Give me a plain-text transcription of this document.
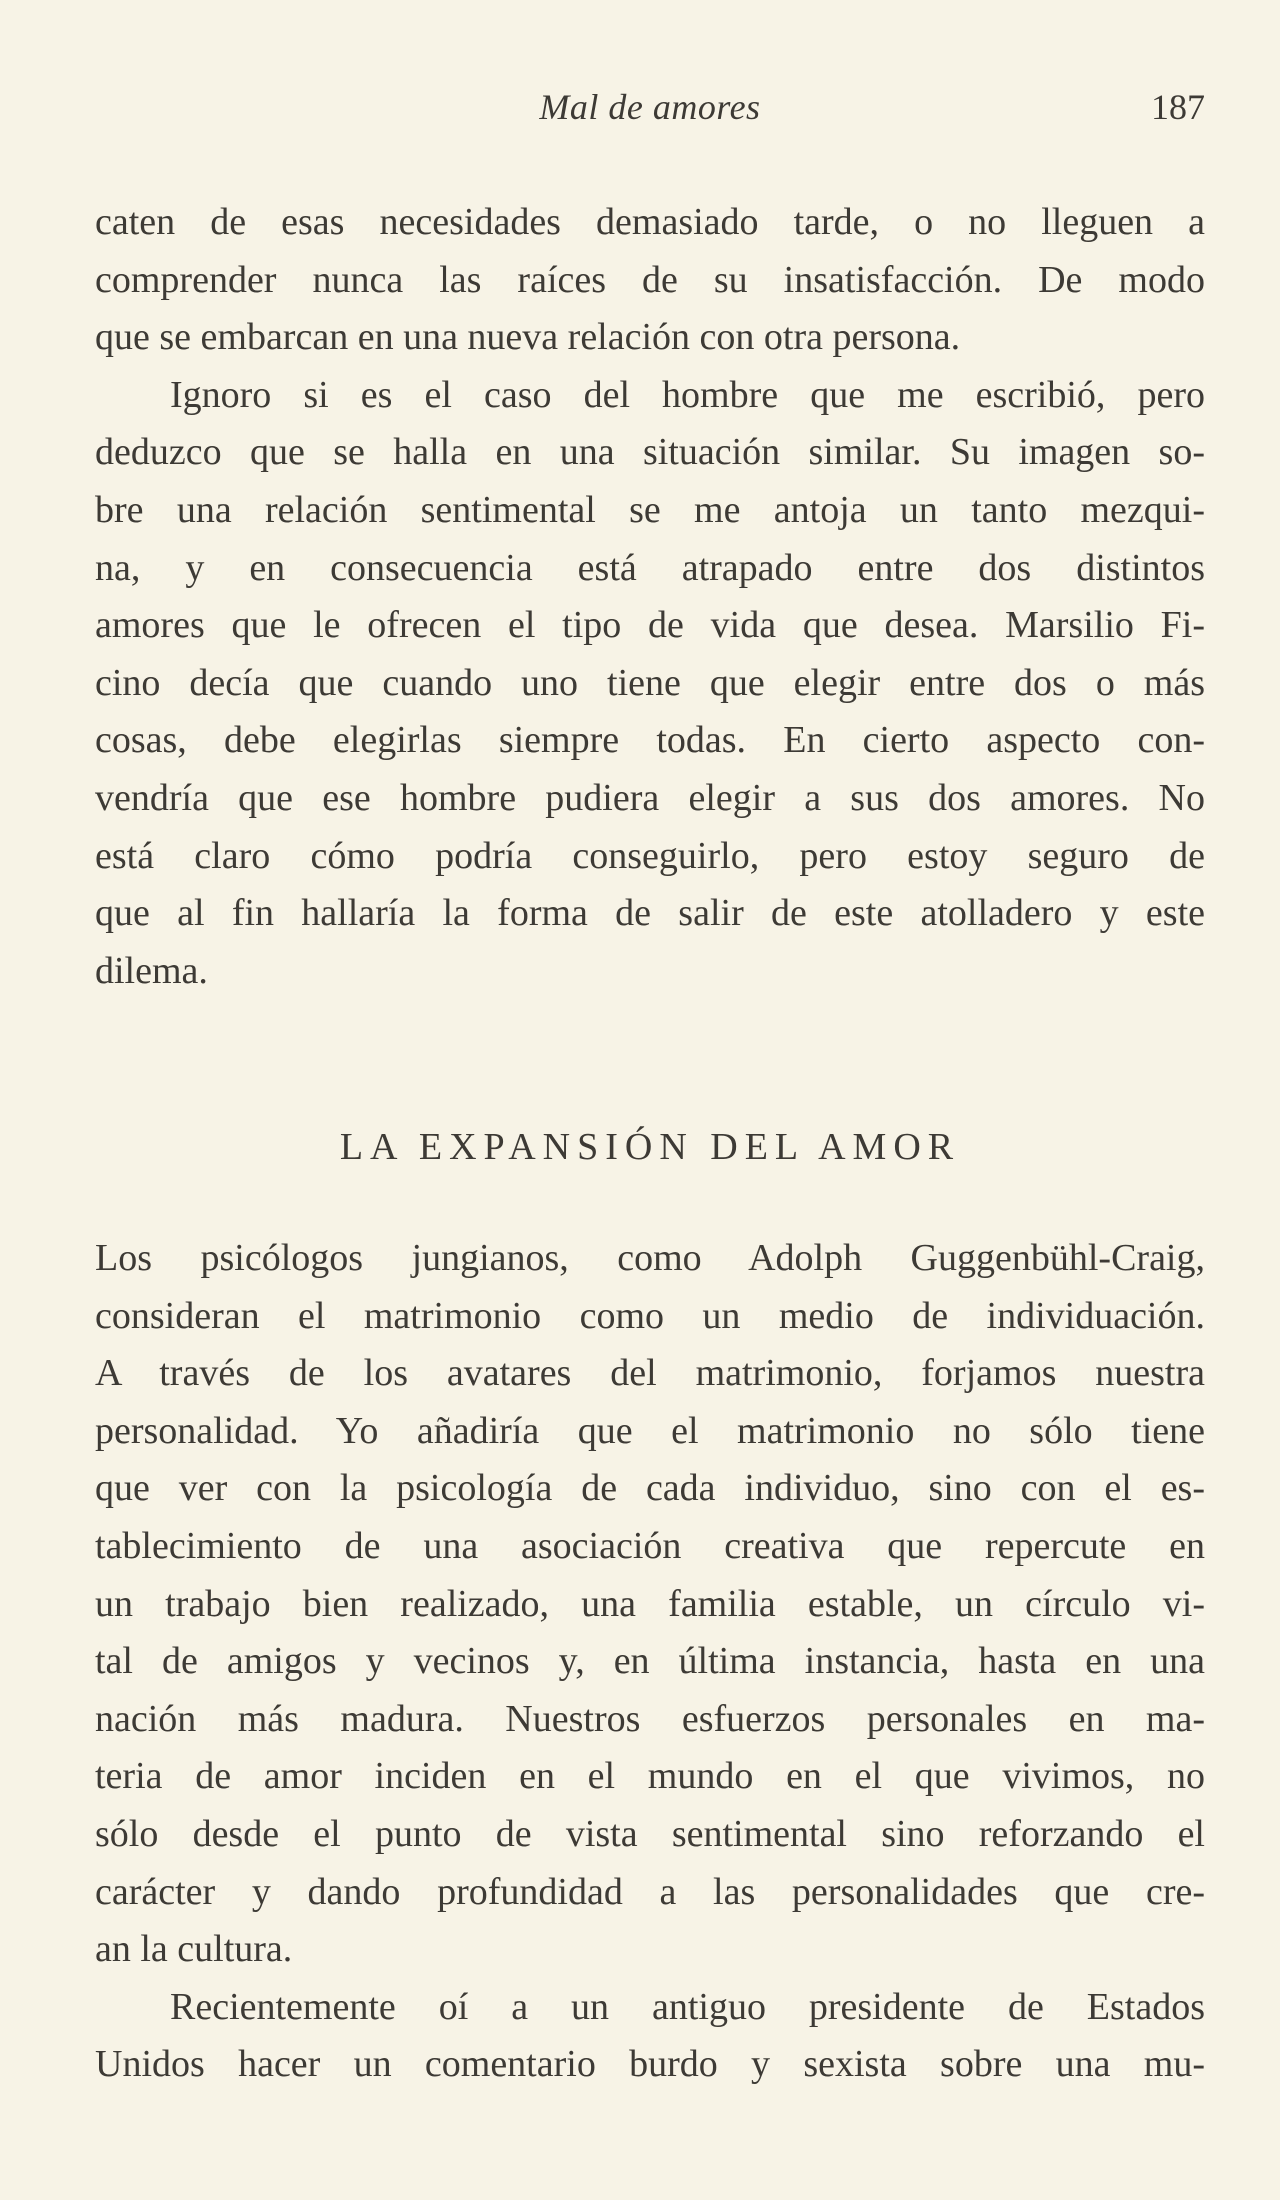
Mal de amores	187
caten de esas necesidades demasiado tarde, o no lleguen a
comprender nunca las raíces de su insatisfacción. De modo
que se embarcan en una nueva relación con otra persona.
Ignoro si es el caso del hombre que me escribió, pero
deduzco que se halla en una situación similar. Su imagen so-
bre una relación sentimental se me antoja un tanto mezqui-
na, y en consecuencia está atrapado entre dos distintos
amores que le ofrecen el tipo de vida que desea. Marsilio Fi-
cino decía que cuando uno tiene que elegir entre dos o más
cosas, debe elegirlas siempre todas. En cierto aspecto con-
vendría que ese hombre pudiera elegir a sus dos amores. No
está claro cómo podría conseguirlo, pero estoy seguro de
que al fin hallaría la forma de salir de este atolladero y este
dilema.
LA EXPANSIÓN DEL AMOR
Los psicólogos jungianos, como Adolph Guggenbühl-Craig,
consideran el matrimonio como un medio de individuación.
A través de los avatares del matrimonio, forjamos nuestra
personalidad. Yo añadiría que el matrimonio no sólo tiene
que ver con la psicología de cada individuo, sino con el es-
tablecimiento de una asociación creativa que repercute en
un trabajo bien realizado, una familia estable, un círculo vi-
tal de amigos y vecinos y, en última instancia, hasta en una
nación más madura. Nuestros esfuerzos personales en ma-
teria de amor inciden en el mundo en el que vivimos, no
sólo desde el punto de vista sentimental sino reforzando el
carácter y dando profundidad a las personalidades que cre-
an la cultura.
Recientemente oí a un antiguo presidente de Estados
Unidos hacer un comentario burdo y sexista sobre una mu-
